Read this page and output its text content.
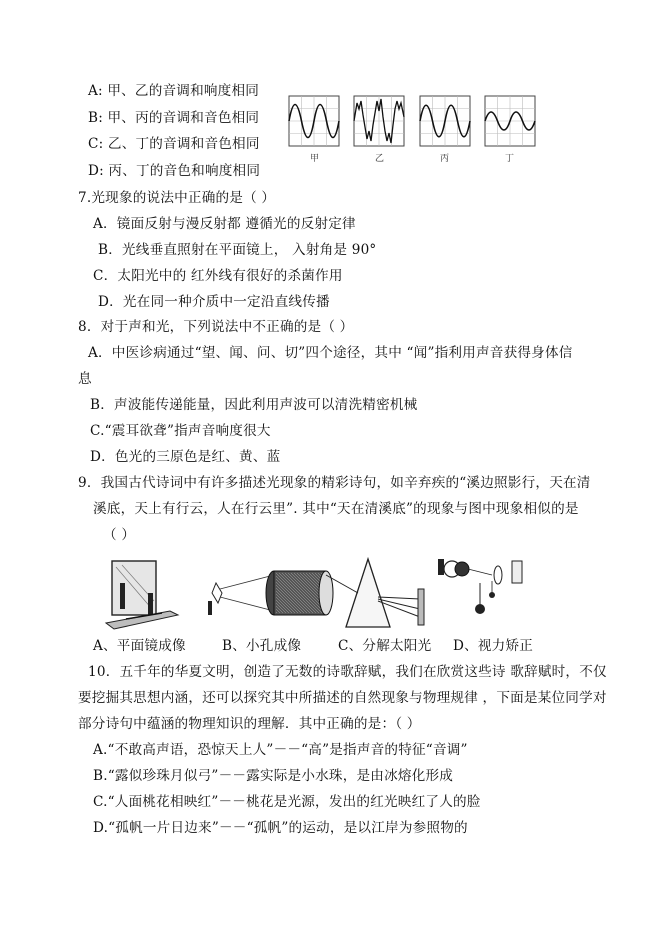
A: 甲、乙的音调和响度相同
B: 甲、丙的音调和音色相同
C: 乙、丁的音调和音色相同
D: 丙、丁的音色和响度相同
甲	乙	丙	丁
7.光现象的说法中正确的是（ ）
A．镜面反射与漫反射都 遵循光的反射定律
B．光线垂直照射在平面镜上， 入射角是 90°
C．太阳光中的 红外线有很好的杀菌作用
D．光在同一种介质中一定沿直线传播
8．对于声和光，下列说法中不正确的是（ ）
A．中医诊病通过“望、闻、问、切”四个途径，其中 “闻”指利用声音获得身体信
息
B．声波能传递能量，因此利用声波可以清洗精密机械
C.“震耳欲聋”指声音响度很大
D．色光的三原色是红、黄、蓝
9．我国古代诗词中有许多描述光现象的精彩诗句，如辛弃疾的“溪边照影行，天在清
溪底，天上有行云，人在行云里”. 其中“天在清溪底”的现象与图中现象相似的是
（ ）
A、平面镜成像	B、小孔成像	C、分解太阳光 D、视力矫正
10．五千年的华夏文明，创造了无数的诗歌辞赋，我们在欣赏这些诗 歌辞赋时，不仅
要挖掘其思想内涵，还可以探究其中所描述的自然现象与物理规律 ，下面是某位同学对
部分诗句中蕴涵的物理知识的理解．其中正确的是：（ ）
A.“不敢高声语，恐惊天上人”－－“高”是指声音的特征“音调”
B.“露似珍珠月似弓”－－露实际是小水珠，是由冰熔化形成
C.“人面桃花相映红”－－桃花是光源，发出的红光映红了人的脸
D.“孤帆一片日边来”－－“孤帆”的运动，是以江岸为参照物的
